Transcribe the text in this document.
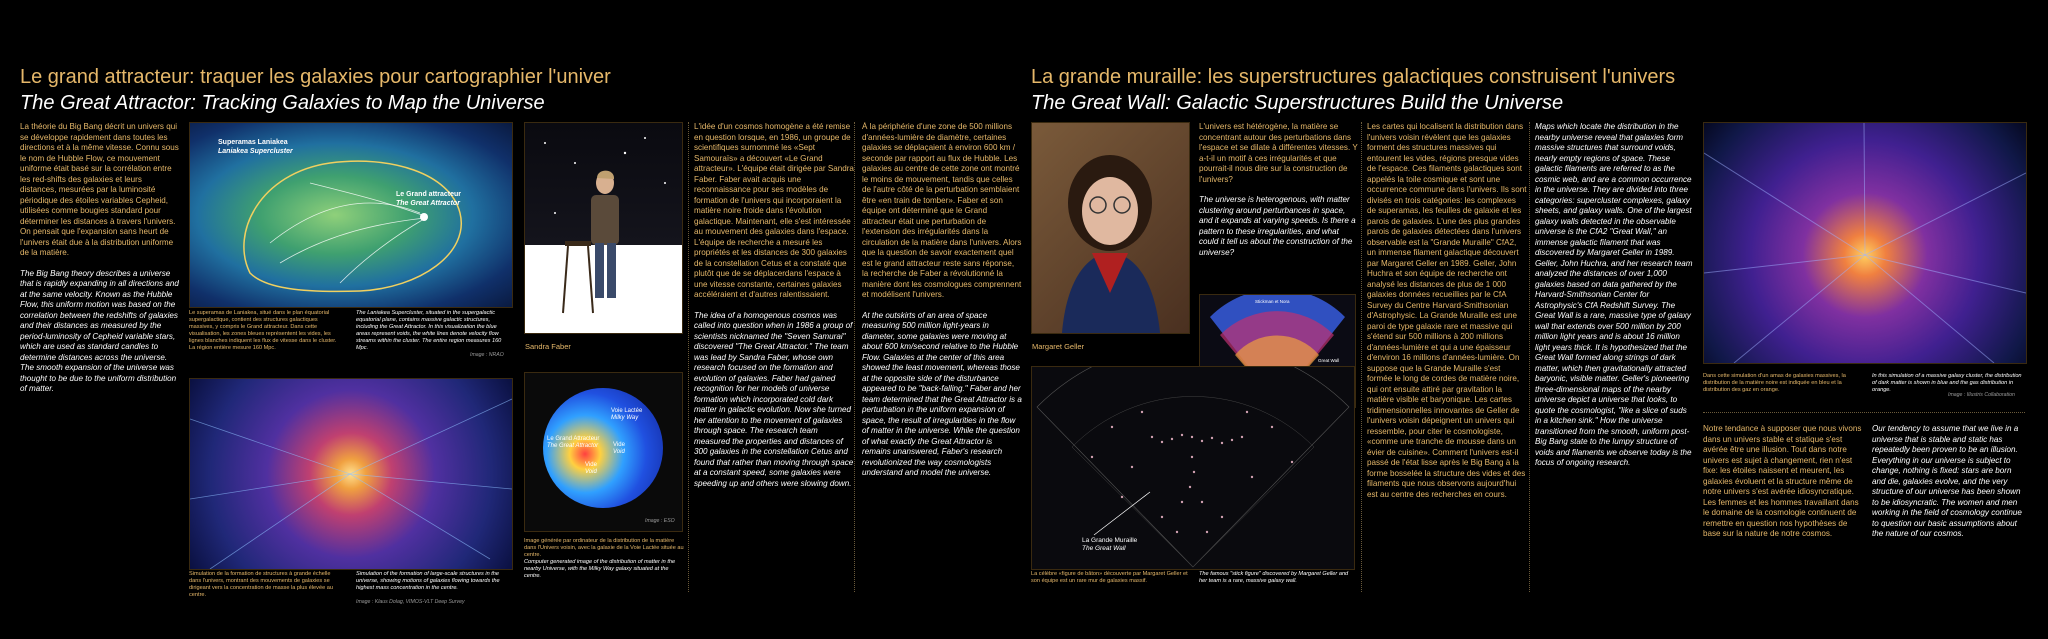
Le grand attracteur: traquer les galaxies pour cartographier l'univer
The Great Attractor: Tracking Galaxies to Map the Universe

La théorie du Big Bang décrit un univers qui se développe rapidement dans toutes les directions et à la même vitesse. Connu sous le nom de Hubble Flow, ce mouvement uniforme était basé sur la corrélation entre les red-shifts des galaxies et leurs distances, mesurées par la luminosité périodique des étoiles variables Cepheid, utilisées comme bougies standard pour déterminer les distances à travers l'univers. On pensait que l'expansion sans heurt de l'univers était due à la distribution uniforme de la matière.

The Big Bang theory describes a universe that is rapidly expanding in all directions and at the same velocity. Known as the Hubble Flow, this uniform motion was based on the correlation between the redshifts of galaxies and their distances as measured by the period-luminosity of Cepheid variable stars, which are used as standard candles to determine distances across the universe. The smooth expansion of the universe was thought to be due to the uniform distribution of matter.

Superamas Laniakea
Laniakea Supercluster
Le Grand attracteur
The Great Attractor
Le superamas de Laniakea, situé dans le plan équatorial supergalactique, contient des structures galactiques massives, y compris le Grand attracteur. Dans cette visualisation, les zones bleues représentent les vides, les lignes blanches indiquent les flux de vitesse dans le cluster. La région entière mesure 160 Mpc.
The Laniakea Supercluster, situated in the supergalactic equatorial plane, contains massive galactic structures, including the Great Attractor. In this visualization the blue areas represent voids, the white lines denote velocity flow streams within the cluster. The entire region measures 160 Mpc.
Image : NRAO
Simulation de la formation de structures à grande échelle dans l'univers, montrant des mouvements de galaxies se dirigeant vers la concentration de masse la plus élevée au centre.
Simulation of the formation of large-scale structures in the universe, showing motions of galaxies flowing towards the highest mass concentration in the centre.
Image : Klaus Dolag, VIMOS-VLT Deep Survey
Sandra Faber
Voie Lactée
Milky Way
Le Grand Attracteur
The Great Attractor Vide
Void
Vide
Void
Image : ESO
Image générée par ordinateur de la distribution de la matière dans l'Univers voisin, avec la galaxie de la Voie Lactée située au centre.
Computer generated image of the distribution of matter in the nearby Universe, with the Milky Way galaxy situated at the centre.

L'idée d'un cosmos homogène a été remise en question lorsque, en 1986, un groupe de scientifiques surnommé les «Sept Samouraïs» a découvert «Le Grand attracteur». L'équipe était dirigée par Sandra Faber. Faber avait acquis une reconnaissance pour ses modèles de formation de l'univers qui incorporaient la matière noire froide dans l'évolution galactique. Maintenant, elle s'est intéressée au mouvement des galaxies dans l'espace. L'équipe de recherche a mesuré les propriétés et les distances de 300 galaxies de la constellation Cetus et a constaté que plutôt que de se déplacerdans l'espace à une vitesse constante, certaines galaxies accéléraient et d'autres ralentissaient.

The idea of a homogenous cosmos was called into question when in 1986 a group of scientists nicknamed the "Seven Samurai" discovered "The Great Attractor." The team was lead by Sandra Faber, whose own research focused on the formation and evolution of galaxies. Faber had gained recognition for her models of universe formation which incorporated cold dark matter in galactic evolution. Now she turned her attention to the movement of galaxies through space. The research team measured the properties and distances of 300 galaxies in the constellation Cetus and found that rather than moving through space at a constant speed, some galaxies were speeding up and others were slowing down.

À la périphérie d'une zone de 500 millions d'années-lumière de diamètre, certaines galaxies se déplaçaient à environ 600 km / seconde par rapport au flux de Hubble. Les galaxies au centre de cette zone ont montré le moins de mouvement, tandis que celles de l'autre côté de la perturbation semblaient être «en train de tomber». Faber et son équipe ont déterminé que le Grand attracteur était une perturbation de l'extension des irrégularités dans la circulation de la matière dans l'univers. Alors que la question de savoir exactement quel est le grand attracteur reste sans réponse, la recherche de Faber a révolutionné la manière dont les cosmologues comprennent et modélisent l'univers.

At the outskirts of an area of space measuring 500 million light-years in diameter, some galaxies were moving at about 600 km/second relative to the Hubble Flow. Galaxies at the center of this area showed the least movement, whereas those at the opposite side of the disturbance appeared to be "back-falling." Faber and her team determined that the Great Attractor is a perturbation in the uniform expansion of space, the result of irregularities in the flow of matter in the universe. While the question of what exactly the Great Attractor is remains unanswered, Faber's research revolutionized the way cosmologists understand and model the universe.

La grande muraille: les superstructures galactiques construisent l'univers
The Great Wall: Galactic Superstructures Build the Universe
Margaret Geller

L'univers est hétérogène, la matière se concentrant autour des perturbations dans l'espace et se dilate à différentes vitesses. Y a-t-il un motif à ces irrégularités et que pourrait-il nous dire sur la construction de l'univers?

The universe is heterogenous, with matter clustering around perturbances in space, and it expands at varying speeds. Is there a pattern to these irregularities, and what could it tell us about the construction of the universe?

Stickman et Nora
Great Wall
La Grande Muraille
The Great Wall
La célèbre «figure de bâton» découverte par Margaret Geller et son équipe est un rare mur de galaxies massif.
The famous "stick figure" discovered by Margaret Geller and her team is a rare, massive galaxy wall.

Les cartes qui localisent la distribution dans l'univers voisin révèlent que les galaxies forment des structures massives qui entourent les vides, régions presque vides de l'espace. Ces filaments galactiques sont appelés la toile cosmique et sont une occurrence commune dans l'univers. Ils sont divisés en trois catégories: les complexes de superamas, les feuilles de galaxie et les parois de galaxies. L'une des plus grandes parois de galaxies détectées dans l'univers observable est la "Grande Muraille" CfA2, un immense filament galactique découvert par Margaret Geller en 1989. Geller, John Huchra et son équipe de recherche ont analysé les distances de plus de 1 000 galaxies données recueillies par le CfA Survey du Centre Harvard-Smithsonian d'Astrophysic. La Grande Muraille est une paroi de type galaxie rare et massive qui s'étend sur 500 millions à 200 millions d'années-lumière et qui a une épaisseur d'environ 16 millions d'années-lumière. On suppose que la Grande Muraille s'est formée le long de cordes de matière noire, qui ont ensuite attiré par gravitation la matière visible et baryonique. Les cartes tridimensionnelles innovantes de Geller de l'univers voisin dépeignent un univers qui ressemble, pour citer le cosmologiste, «comme une tranche de mousse dans un évier de cuisine». Comment l'univers est-il passé de l'état lisse après le Big Bang à la forme bosselée la structure des vides et des filaments que nous observons aujourd'hui est au centre des recherches en cours.

Maps which locate the distribution in the nearby universe reveal that galaxies form massive structures that surround voids, nearly empty regions of space. These galactic filaments are referred to as the cosmic web, and are a common occurrence in the universe. They are divided into three categories: supercluster complexes, galaxy sheets, and galaxy walls. One of the largest galaxy walls detected in the observable universe is the CfA2 "Great Wall," an immense galactic filament that was discovered by Margaret Geller in 1989. Geller, John Huchra, and her research team analyzed the distances of over 1,000 galaxies based on data gathered by the Harvard-Smithsonian Center for Astrophysic's CfA Redshift Survey. The Great Wall is a rare, massive type of galaxy wall that extends over 500 million by 200 million light years and is about 16 million light years thick. It is hypothesized that the Great Wall formed along strings of dark matter, which then gravitationally attracted baryonic, visible matter. Geller's pioneering three-dimensional maps of the nearby universe depict a universe that looks, to quote the cosmologist, "like a slice of suds in a kitchen sink." How the universe transitioned from the smooth, uniform post-Big Bang state to the lumpy structure of voids and filaments we observe today is the focus of ongoing research.

Dans cette simulation d'un amas de galaxies massives, la distribution de la matière noire est indiquée en bleu et la distribution des gaz en orange.
In this simulation of a massive galaxy cluster, the distribution of dark matter is shown in blue and the gas distribution in orange.
Image : Illustris Collaboration

Notre tendance à supposer que nous vivons dans un univers stable et statique s'est avérée être une illusion. Tout dans notre univers est sujet à changement, rien n'est fixe: les étoiles naissent et meurent, les galaxies évoluent et la structure même de notre univers s'est avérée idiosyncratique. Les femmes et les hommes travaillant dans le domaine de la cosmologie continuent de remettre en question nos hypothèses de base sur la nature de notre cosmos.

Our tendency to assume that we live in a universe that is stable and static has repeatedly been proven to be an illusion. Everything in our universe is subject to change, nothing is fixed: stars are born and die, galaxies evolve, and the very structure of our universe has been shown to be idiosyncratic. The women and men working in the field of cosmology continue to question our basic assumptions about the nature of our cosmos.
